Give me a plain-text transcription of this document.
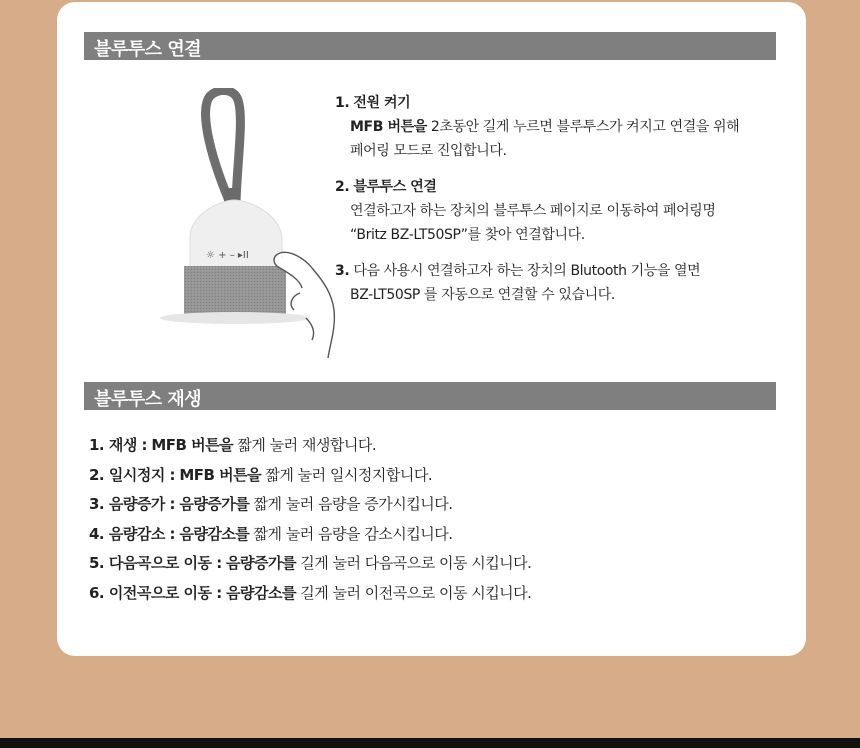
블루투스 연결
☼ + – ▸II
1. 전원 켜기
MFB 버튼을 2초동안 길게 누르면 블루투스가 켜지고 연결을 위해
페어링 모드로 진입합니다.
2. 블루투스 연결
연결하고자 하는 장치의 블루투스 페이지로 이동하여 페어링명
“Britz BZ-LT50SP”를 찾아 연결합니다.
3. 다음 사용시 연결하고자 하는 장치의 Blutooth 기능을 열면
BZ-LT50SP 를 자동으로 연결할 수 있습니다.
블루투스 재생
1. 재생 : MFB 버튼을 짧게 눌러 재생합니다.
2. 일시정지 : MFB 버튼을 짧게 눌러 일시정지합니다.
3. 음량증가 : 음량증가를 짧게 눌러 음량을 증가시킵니다.
4. 음량감소 : 음량감소를 짧게 눌러 음량을 감소시킵니다.
5. 다음곡으로 이동 : 음량증가를 길게 눌러 다음곡으로 이동 시킵니다.
6. 이전곡으로 이동 : 음량감소를 길게 눌러 이전곡으로 이동 시킵니다.
